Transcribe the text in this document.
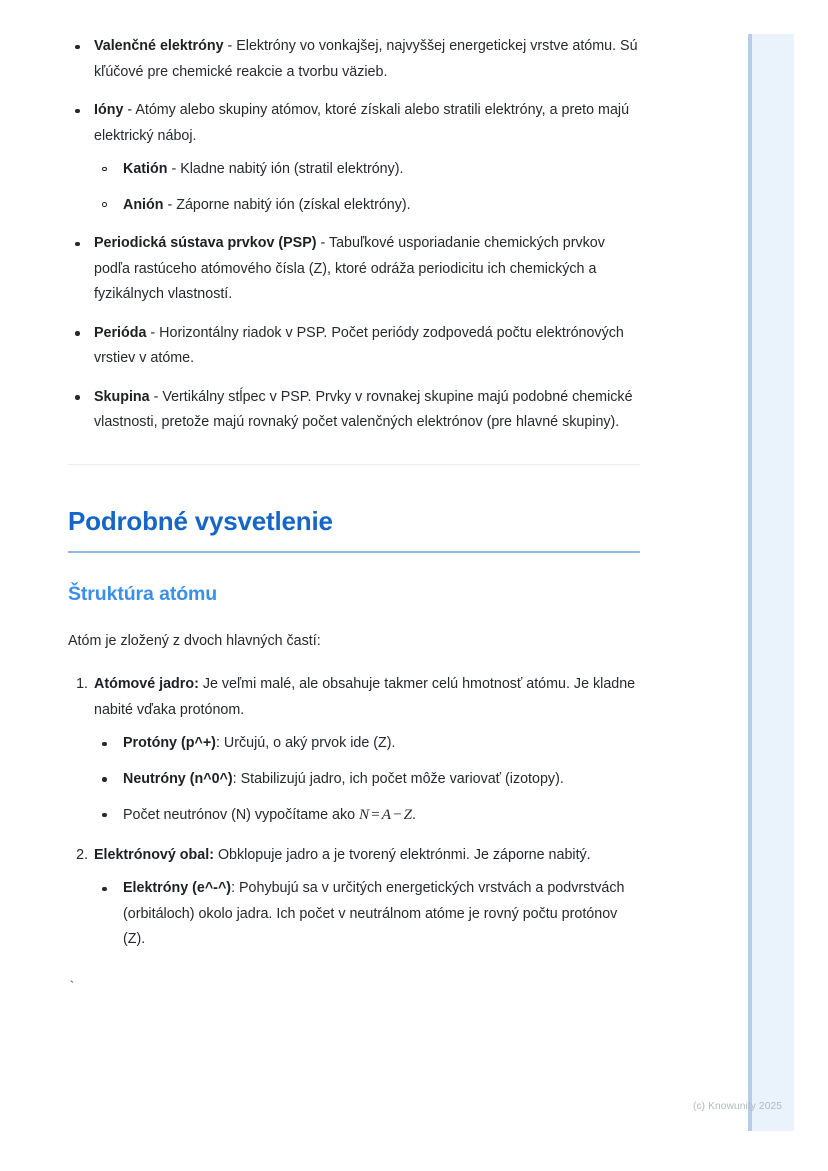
Valenčné elektróny - Elektróny vo vonkajšej, najvyššej energetickej vrstve atómu. Sú kľúčové pre chemické reakcie a tvorbu väzieb.
Ióny - Atómy alebo skupiny atómov, ktoré získali alebo stratili elektróny, a preto majú elektrický náboj.
Katión - Kladne nabitý ión (stratil elektróny).
Anión - Záporne nabitý ión (získal elektróny).
Periodická sústava prvkov (PSP) - Tabuľkové usporiadanie chemických prvkov podľa rastúceho atómového čísla (Z), ktoré odráža periodicitu ich chemických a fyzikálnych vlastností.
Perióda - Horizontálny riadok v PSP. Počet periódy zodpovedá počtu elektrónových vrstiev v atóme.
Skupina - Vertikálny stĺpec v PSP. Prvky v rovnakej skupine majú podobné chemické vlastnosti, pretože majú rovnaký počet valenčných elektrónov (pre hlavné skupiny).
Podrobné vysvetlenie
Štruktúra atómu

Atóm je zložený z dvoch hlavných častí:

Atómové jadro: Je veľmi malé, ale obsahuje takmer celú hmotnosť atómu. Je kladne nabité vďaka protónom.
Protóny (p^+): Určujú, o aký prvok ide (Z).
Neutróny (n^0^): Stabilizujú jadro, ich počet môže variovať (izotopy).
Počet neutrónov (N) vypočítame ako N = A − Z.
Elektrónový obal: Obklopuje jadro a je tvorený elektrónmi. Je záporne nabitý.
Elektróny (e^-^): Pohybujú sa v určitých energetických vrstvách a podvrstvách (orbitáloch) okolo jadra. Ich počet v neutrálnom atóme je rovný počtu protónov (Z).
`
(c) Knowunity 2025
